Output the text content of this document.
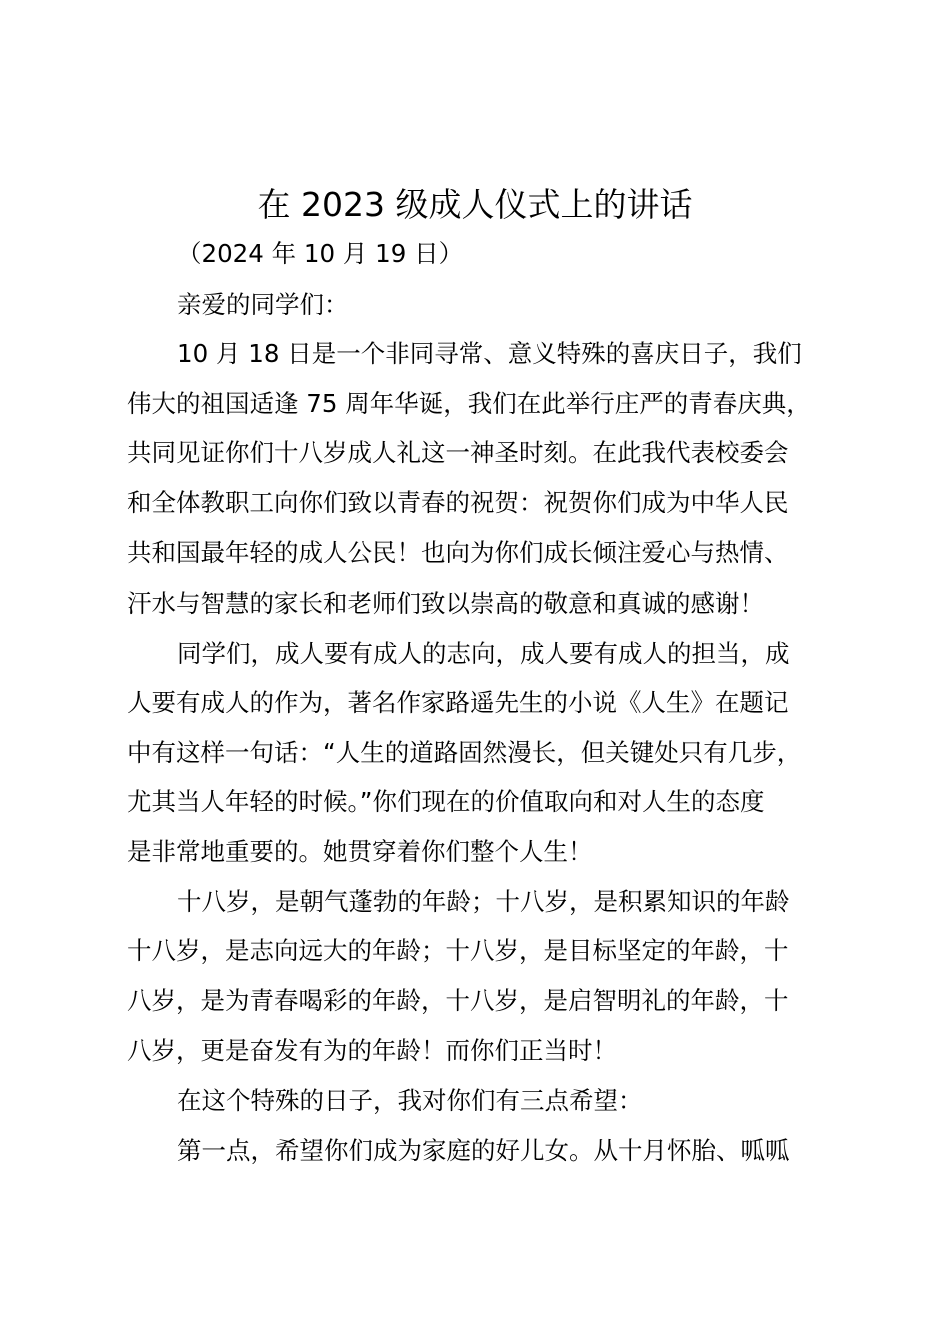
在 2023 级成人仪式上的讲话
（2024 年 10 月 19 日）
亲爱的同学们：
10 月 18 日是一个非同寻常、意义特殊的喜庆日子，我们
伟大的祖国适逢 75 周年华诞，我们在此举行庄严的青春庆典，
共同见证你们十八岁成人礼这一神圣时刻。在此我代表校委会
和全体教职工向你们致以青春的祝贺：祝贺你们成为中华人民
共和国最年轻的成人公民！也向为你们成长倾注爱心与热情、
汗水与智慧的家长和老师们致以崇高的敬意和真诚的感谢！
同学们，成人要有成人的志向，成人要有成人的担当，成
人要有成人的作为，著名作家路遥先生的小说《人生》在题记
中有这样一句话：“人生的道路固然漫长，但关键处只有几步，
尤其当人年轻的时候。”你们现在的价值取向和对人生的态度
是非常地重要的。她贯穿着你们整个人生！
十八岁，是朝气蓬勃的年龄；十八岁，是积累知识的年龄
十八岁，是志向远大的年龄；十八岁，是目标坚定的年龄，十
八岁，是为青春喝彩的年龄，十八岁，是启智明礼的年龄，十
八岁，更是奋发有为的年龄！而你们正当时！
在这个特殊的日子，我对你们有三点希望：
第一点，希望你们成为家庭的好儿女。从十月怀胎、呱呱
